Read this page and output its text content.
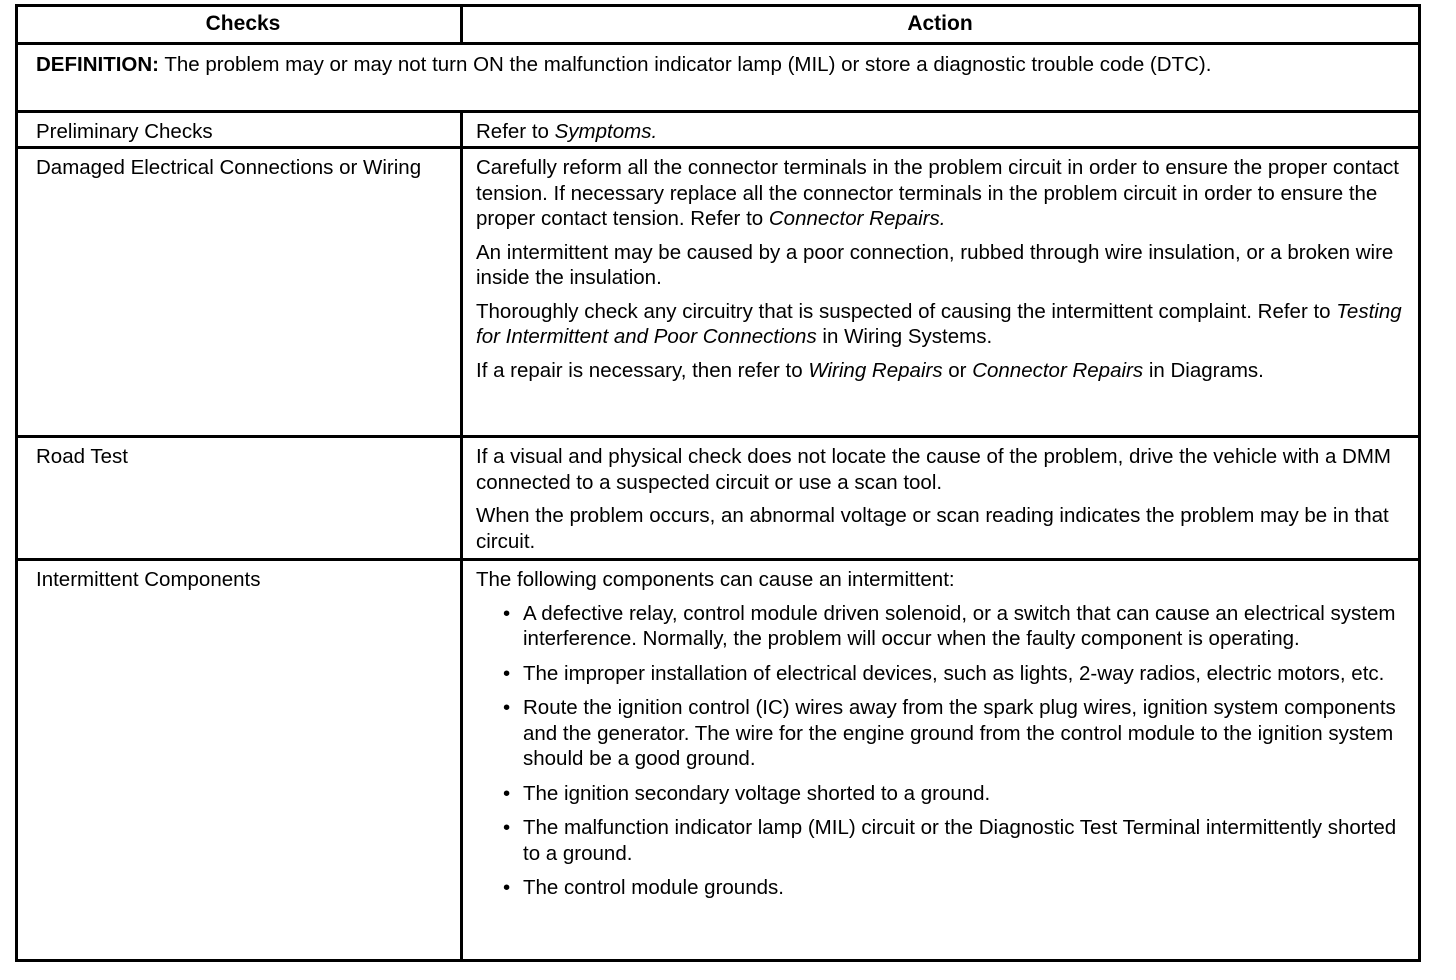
Checks	Action
DEFINITION: The problem may or may not turn ON the malfunction indicator lamp (MIL) or store a diagnostic trouble code (DTC).
Preliminary Checks	Refer to Symptoms.

Damaged Electrical Connections or Wiring	Carefully reform all the connector terminals in the problem circuit in order to ensure the proper contact tension. If necessary replace all the connector terminals in the problem circuit in order to ensure the proper contact tension. Refer to Connector Repairs.

An intermittent may be caused by a poor connection, rubbed through wire insulation, or a broken wire inside the insulation.

Thoroughly check any circuitry that is suspected of causing the intermittent complaint. Refer to Testing for Intermittent and Poor Connections in Wiring Systems.

If a repair is necessary, then refer to Wiring Repairs or Connector Repairs in Diagrams.

Road Test	If a visual and physical check does not locate the cause of the problem, drive the vehicle with a DMM connected to a suspected circuit or use a scan tool.

When the problem occurs, an abnormal voltage or scan reading indicates the problem may be in that circuit.

Intermittent Components	The following components can cause an intermittent:

• A defective relay, control module driven solenoid, or a switch that can cause an electrical system interference. Normally, the problem will occur when the faulty component is operating.
• The improper installation of electrical devices, such as lights, 2-way radios, electric motors, etc.
• Route the ignition control (IC) wires away from the spark plug wires, ignition system components and the generator. The wire for the engine ground from the control module to the ignition system should be a good ground.
• The ignition secondary voltage shorted to a ground.
• The malfunction indicator lamp (MIL) circuit or the Diagnostic Test Terminal intermittently shorted to a ground.
• The control module grounds.
